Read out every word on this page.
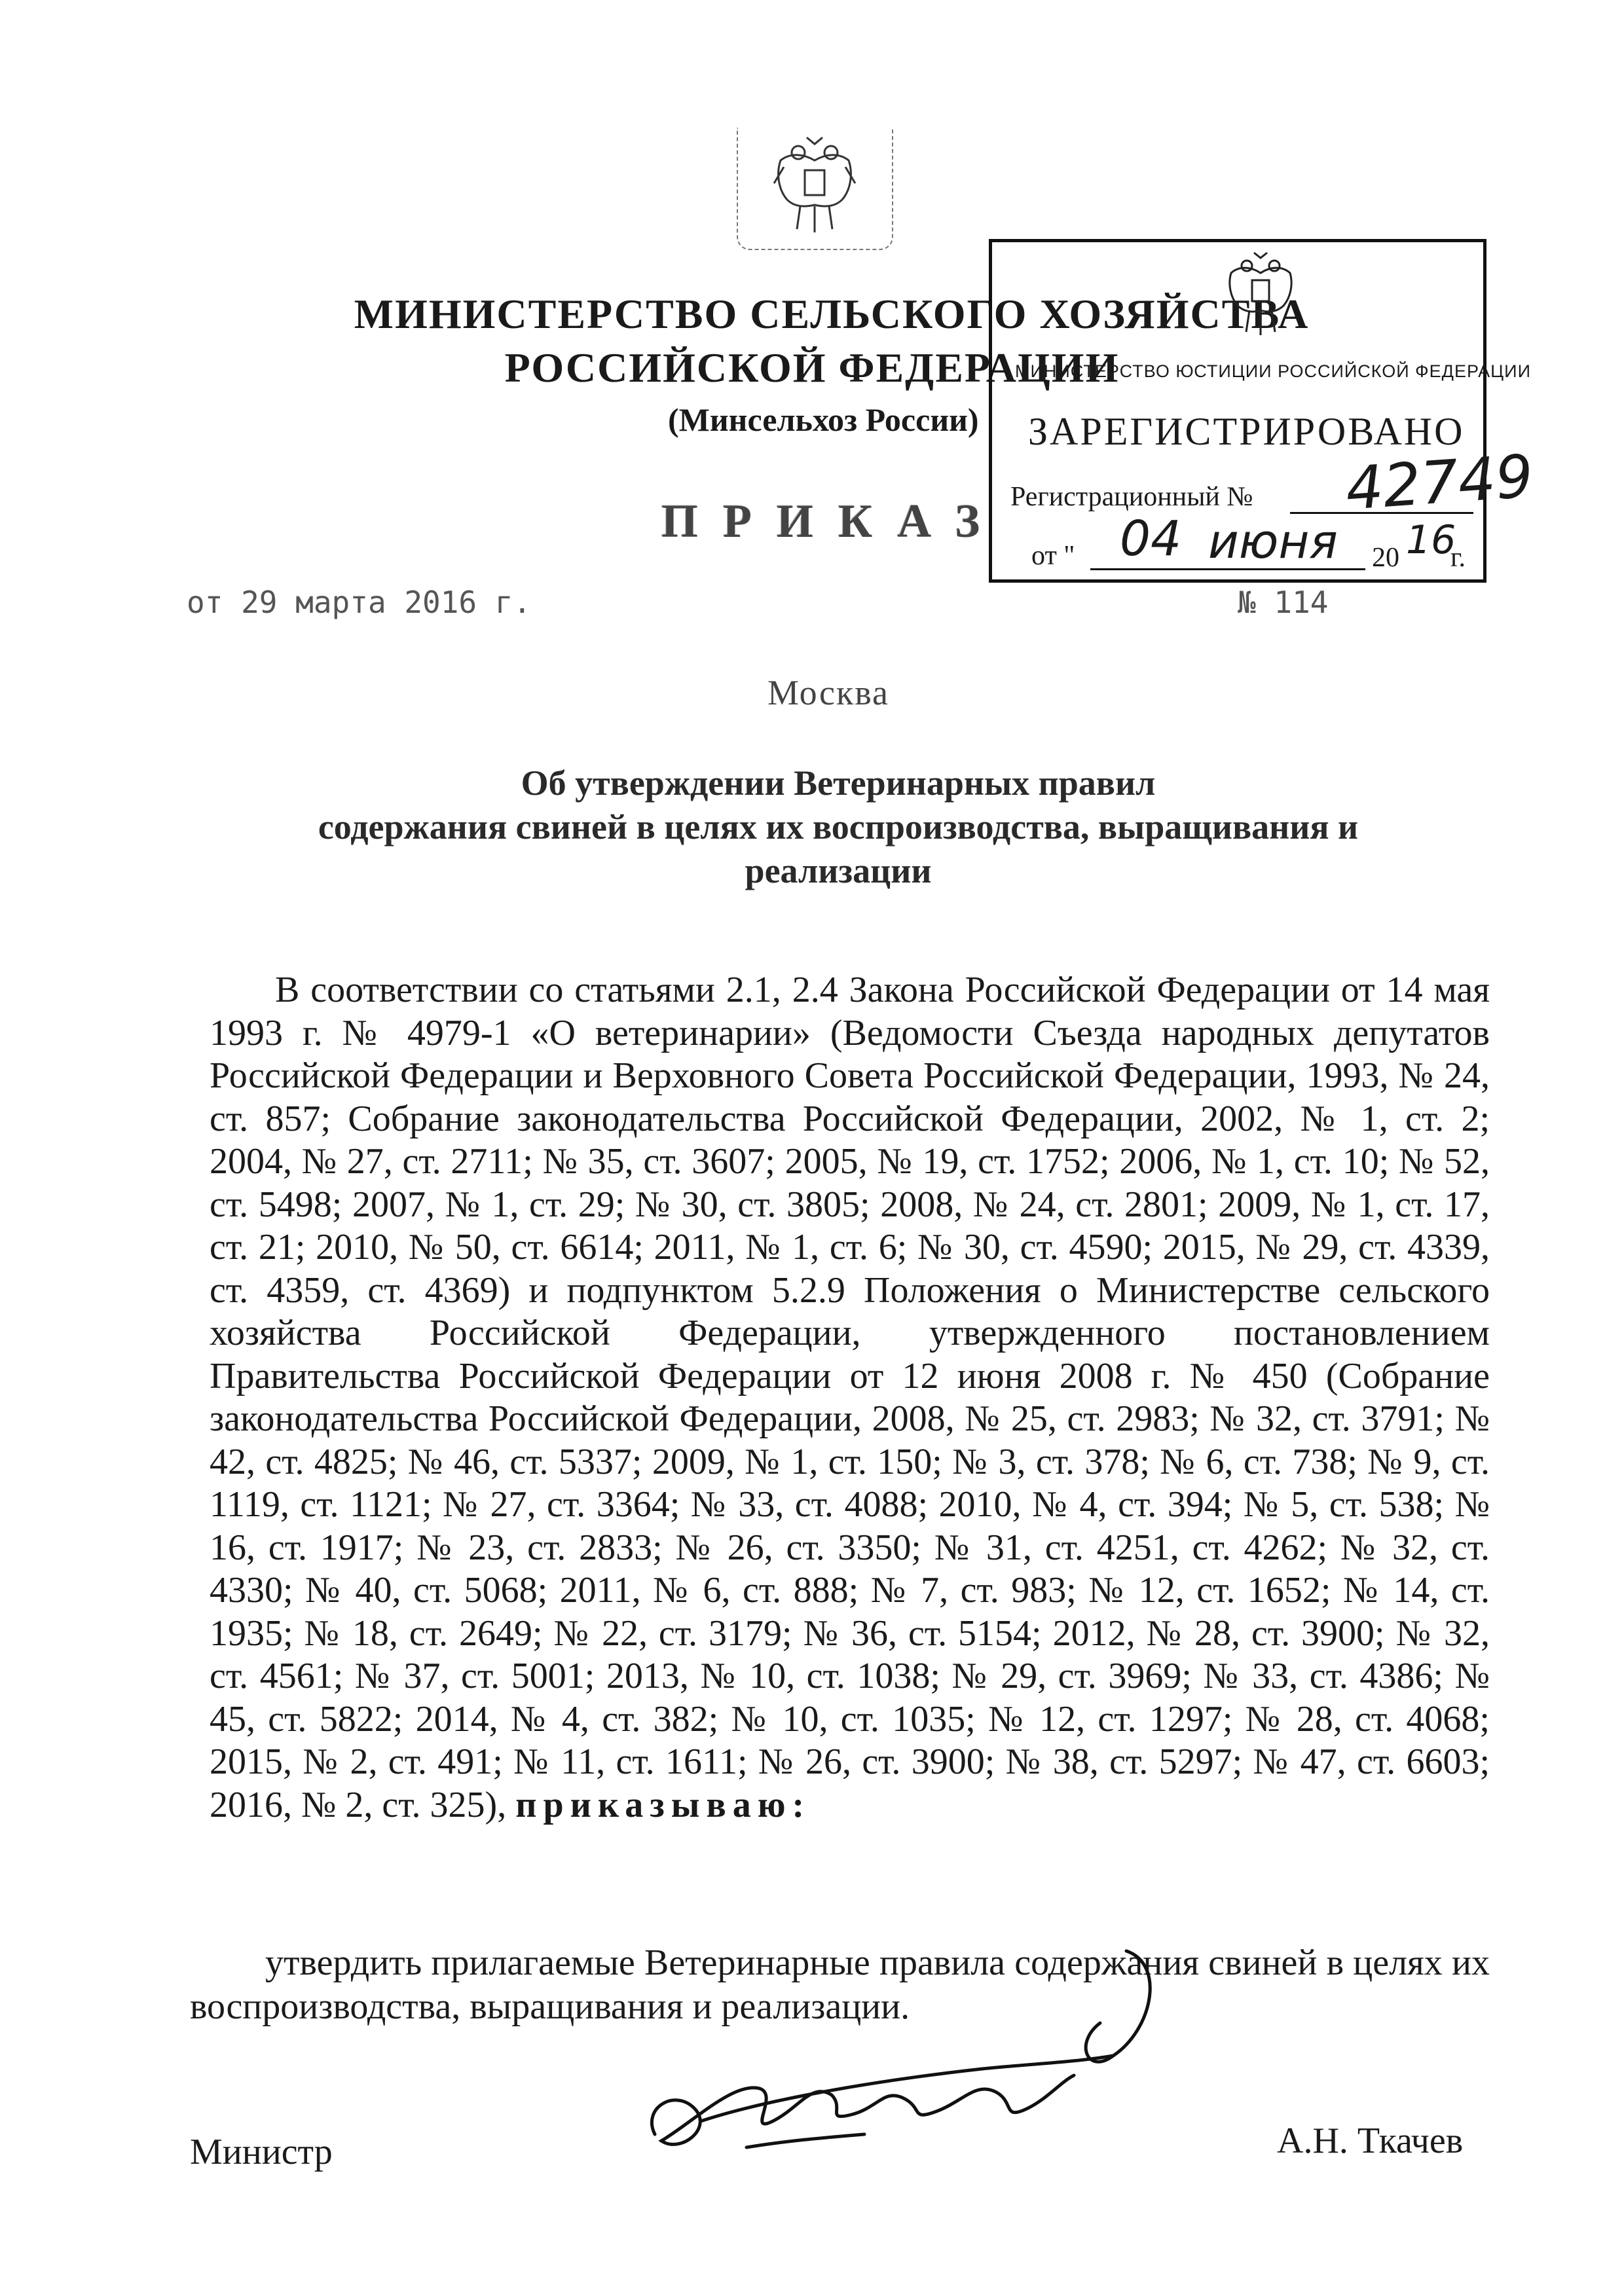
МИНИСТЕРСТВО СЕЛЬСКОГО ХОЗЯЙСТВА
РОССИЙСКОЙ ФЕДЕРАЦИИ
(Минсельхоз России)
ПРИКАЗ
МИНИСТЕРСТВО ЮСТИЦИИ РОССИЙСКОЙ ФЕДЕРАЦИИ
ЗАРЕГИСТРИРОВАНО
Регистрационный № 42749
от " 04 июня 20 16
г.
от 29 марта 2016 г.	№ 114
Москва
Об утверждении Ветеринарных правил
содержания свиней в целях их воспроизводства, выращивания и
реализации
В соответствии со статьями 2.1, 2.4 Закона Российской Федерации от 14 мая 1993 г. № 4979-1 «О ветеринарии» (Ведомости Съезда народных депутатов Российской Федерации и Верховного Совета Российской Федерации, 1993, № 24, ст. 857; Собрание законодательства Российской Федерации, 2002, № 1, ст. 2; 2004, № 27, ст. 2711; № 35, ст. 3607; 2005, № 19, ст. 1752; 2006, № 1, ст. 10; № 52, ст. 5498; 2007, № 1, ст. 29; № 30, ст. 3805; 2008, № 24, ст. 2801; 2009, № 1, ст. 17, ст. 21; 2010, № 50, ст. 6614; 2011, № 1, ст. 6; № 30, ст. 4590; 2015, № 29, ст. 4339, ст. 4359, ст. 4369) и подпунктом 5.2.9 Положения о Министерстве сельского хозяйства Российской Федерации, утвержденного постановлением Правительства Российской Федерации от 12 июня 2008 г. № 450 (Собрание законодательства Российской Федерации, 2008, № 25, ст. 2983; № 32, ст. 3791; № 42, ст. 4825; № 46, ст. 5337; 2009, № 1, ст. 150; № 3, ст. 378; № 6, ст. 738; № 9, ст. 1119, ст. 1121; № 27, ст. 3364; № 33, ст. 4088; 2010, № 4, ст. 394; № 5, ст. 538; № 16, ст. 1917; № 23, ст. 2833; № 26, ст. 3350; № 31, ст. 4251, ст. 4262; № 32, ст. 4330; № 40, ст. 5068; 2011, № 6, ст. 888; № 7, ст. 983; № 12, ст. 1652; № 14, ст. 1935; № 18, ст. 2649; № 22, ст. 3179; № 36, ст. 5154; 2012, № 28, ст. 3900; № 32, ст. 4561; № 37, ст. 5001; 2013, № 10, ст. 1038; № 29, ст. 3969; № 33, ст. 4386; № 45, ст. 5822; 2014, № 4, ст. 382; № 10, ст. 1035; № 12, ст. 1297; № 28, ст. 4068; 2015, № 2, ст. 491; № 11, ст. 1611; № 26, ст. 3900; № 38, ст. 5297; № 47, ст. 6603; 2016, № 2, ст. 325), приказываю:
утвердить прилагаемые Ветеринарные правила содержания свиней в целях их воспроизводства, выращивания и реализации.
Министр	А.Н. Ткачев
